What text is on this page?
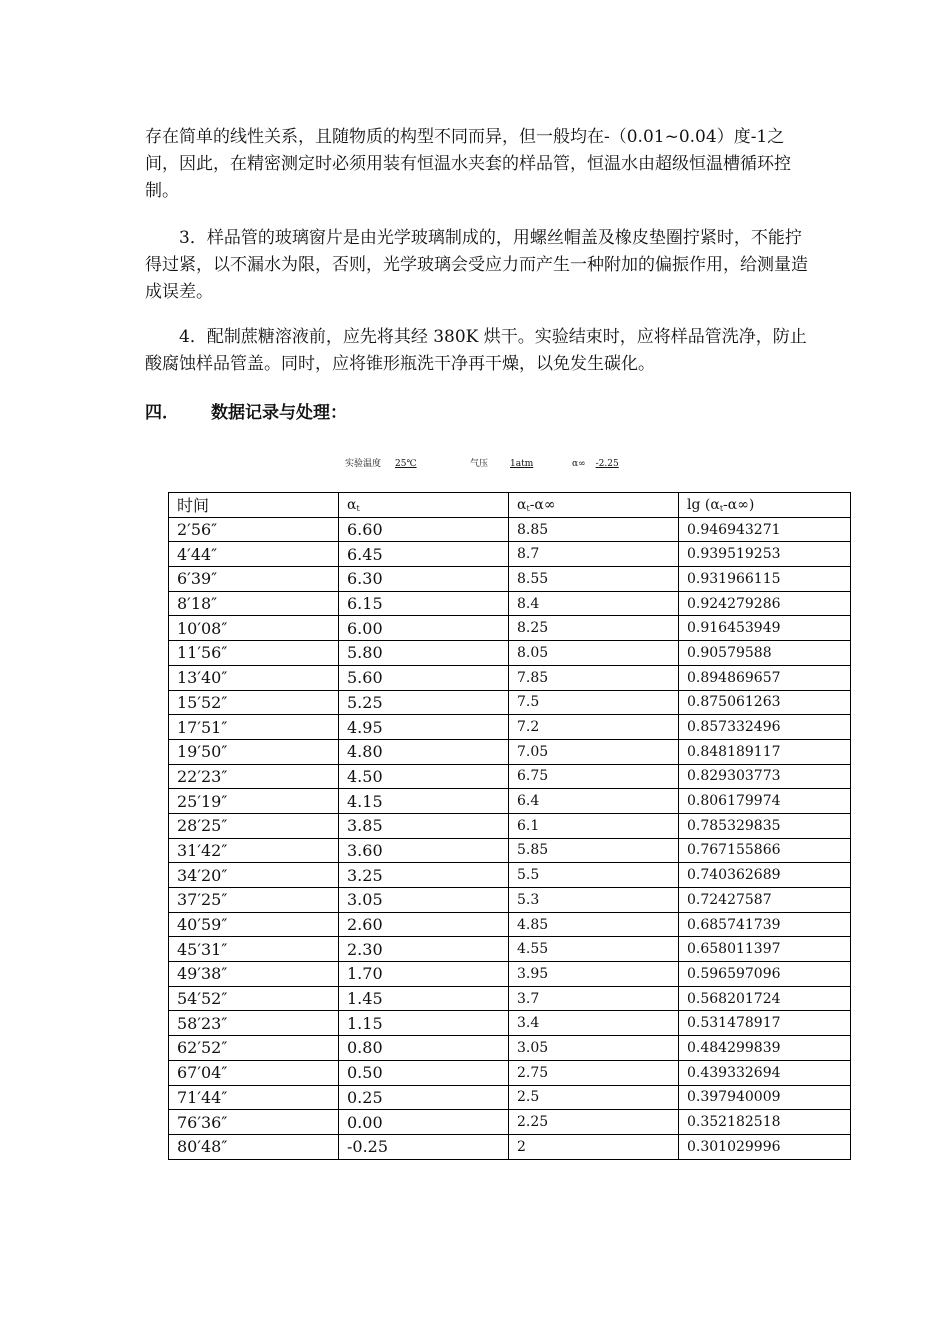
存在简单的线性关系，且随物质的构型不同而异，但一般均在-（0.01~0.04）度-1之间，因此，在精密测定时必须用装有恒温水夹套的样品管，恒温水由超级恒温槽循环控制。

3．样品管的玻璃窗片是由光学玻璃制成的，用螺丝帽盖及橡皮垫圈拧紧时，不能拧得过紧，以不漏水为限，否则，光学玻璃会受应力而产生一种附加的偏振作用，给测量造成误差。

4．配制蔗糖溶液前，应先将其经 380K 烘干。实验结束时，应将样品管洗净，防止酸腐蚀样品管盖。同时，应将锥形瓶洗干净再干燥，以免发生碳化。

四． 数据记录与处理：
实验温度 25℃	气压 1atm	α∞ -2.25
时间	$\alpha_t$	$\alpha_t-\alpha\infty$	$\lg (\alpha_t-\alpha\infty)$
2′56″	6.60	8.85	0.946943271
4′44″	6.45	8.7	0.939519253
6′39″	6.30	8.55	0.931966115
8′18″	6.15	8.4	0.924279286
10′08″	6.00	8.25	0.916453949
11′56″	5.80	8.05	0.90579588
13′40″	5.60	7.85	0.894869657
15′52″	5.25	7.5	0.875061263
17′51″	4.95	7.2	0.857332496
19′50″	4.80	7.05	0.848189117
22′23″	4.50	6.75	0.829303773
25′19″	4.15	6.4	0.806179974
28′25″	3.85	6.1	0.785329835
31′42″	3.60	5.85	0.767155866
34′20″	3.25	5.5	0.740362689
37′25″	3.05	5.3	0.72427587
40′59″	2.60	4.85	0.685741739
45′31″	2.30	4.55	0.658011397
49′38″	1.70	3.95	0.596597096
54′52″	1.45	3.7	0.568201724
58′23″	1.15	3.4	0.531478917
62′52″	0.80	3.05	0.484299839
67′04″	0.50	2.75	0.439332694
71′44″	0.25	2.5	0.397940009
76′36″	0.00	2.25	0.352182518
80′48″	-0.25	2	0.301029996
